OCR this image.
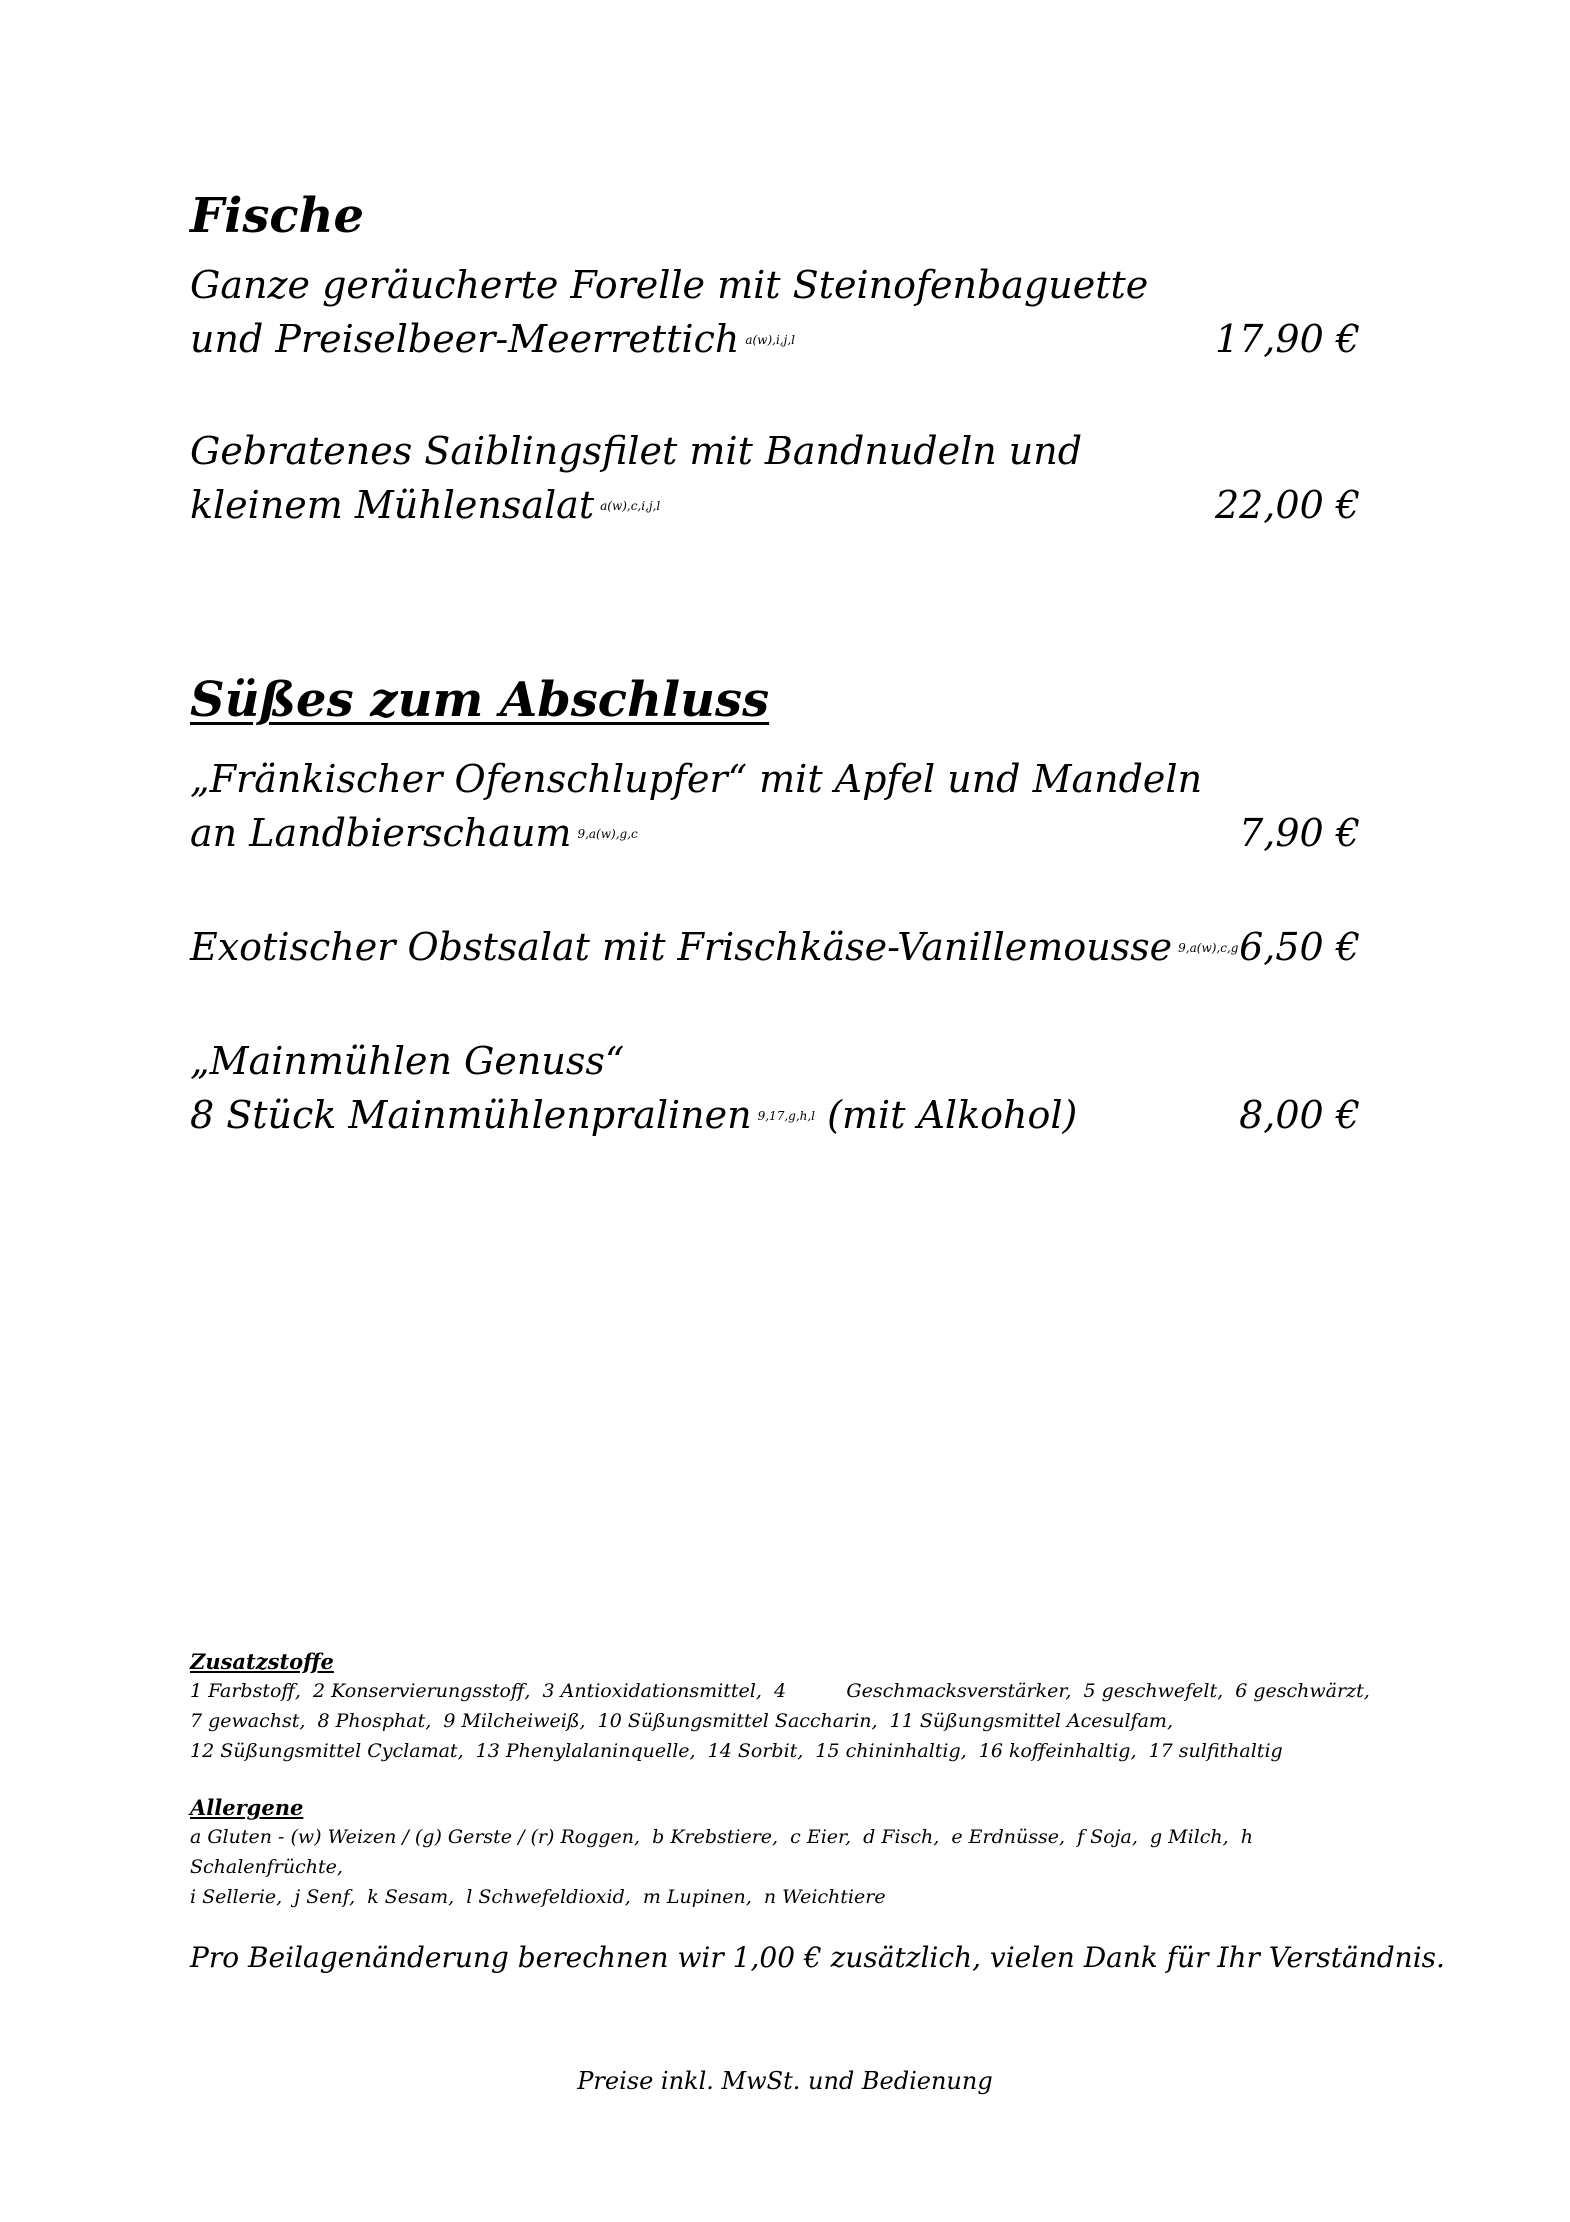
Fische
Ganze geräucherte Forelle mit Steinofenbaguette
und Preiselbeer-Meerrettich $^{a(w),i,j,l}$	17,90 €
Gebratenes Saiblingsfilet mit Bandnudeln und
kleinem Mühlensalat $^{a(w),c,i,j,l}$	22,00 €
Süßes zum Abschluss
„Fränkischer Ofenschlupfer“ mit Apfel und Mandeln
an Landbierschaum $^{9,a(w),g,c}$	7,90 €
Exotischer Obstsalat mit Frischkäse-Vanillemousse $^{9,a(w),c,g}$ 6,50 €
„Mainmühlen Genuss“
8 Stück Mainmühlenpralinen $^{9,17,g,h,l}$ (mit Alkohol)	8,00 €
Zusatzstoffe
1 Farbstoff,  2 Konservierungsstoff,  3 Antioxidationsmittel,  4          Geschmacksverstärker,  5 geschwefelt,  6 geschwärzt,
7 gewachst,  8 Phosphat,  9 Milcheiweiß,  10 Süßungsmittel Saccharin,  11 Süßungsmittel Acesulfam,
12 Süßungsmittel Cyclamat,  13 Phenylalaninquelle,  14 Sorbit,  15 chininhaltig,  16 koffeinhaltig,  17 sulfithaltig
Allergene
a Gluten - (w) Weizen / (g) Gerste / (r) Roggen,  b Krebstiere,  c Eier,  d Fisch,  e Erdnüsse,  f Soja,  g Milch,  h Schalenfrüchte,
i Sellerie,  j Senf,  k Sesam,  l Schwefeldioxid,  m Lupinen,  n Weichtiere
Pro Beilagenänderung berechnen wir 1,00 € zusätzlich, vielen Dank für Ihr Verständnis.
Preise inkl. MwSt. und Bedienung
